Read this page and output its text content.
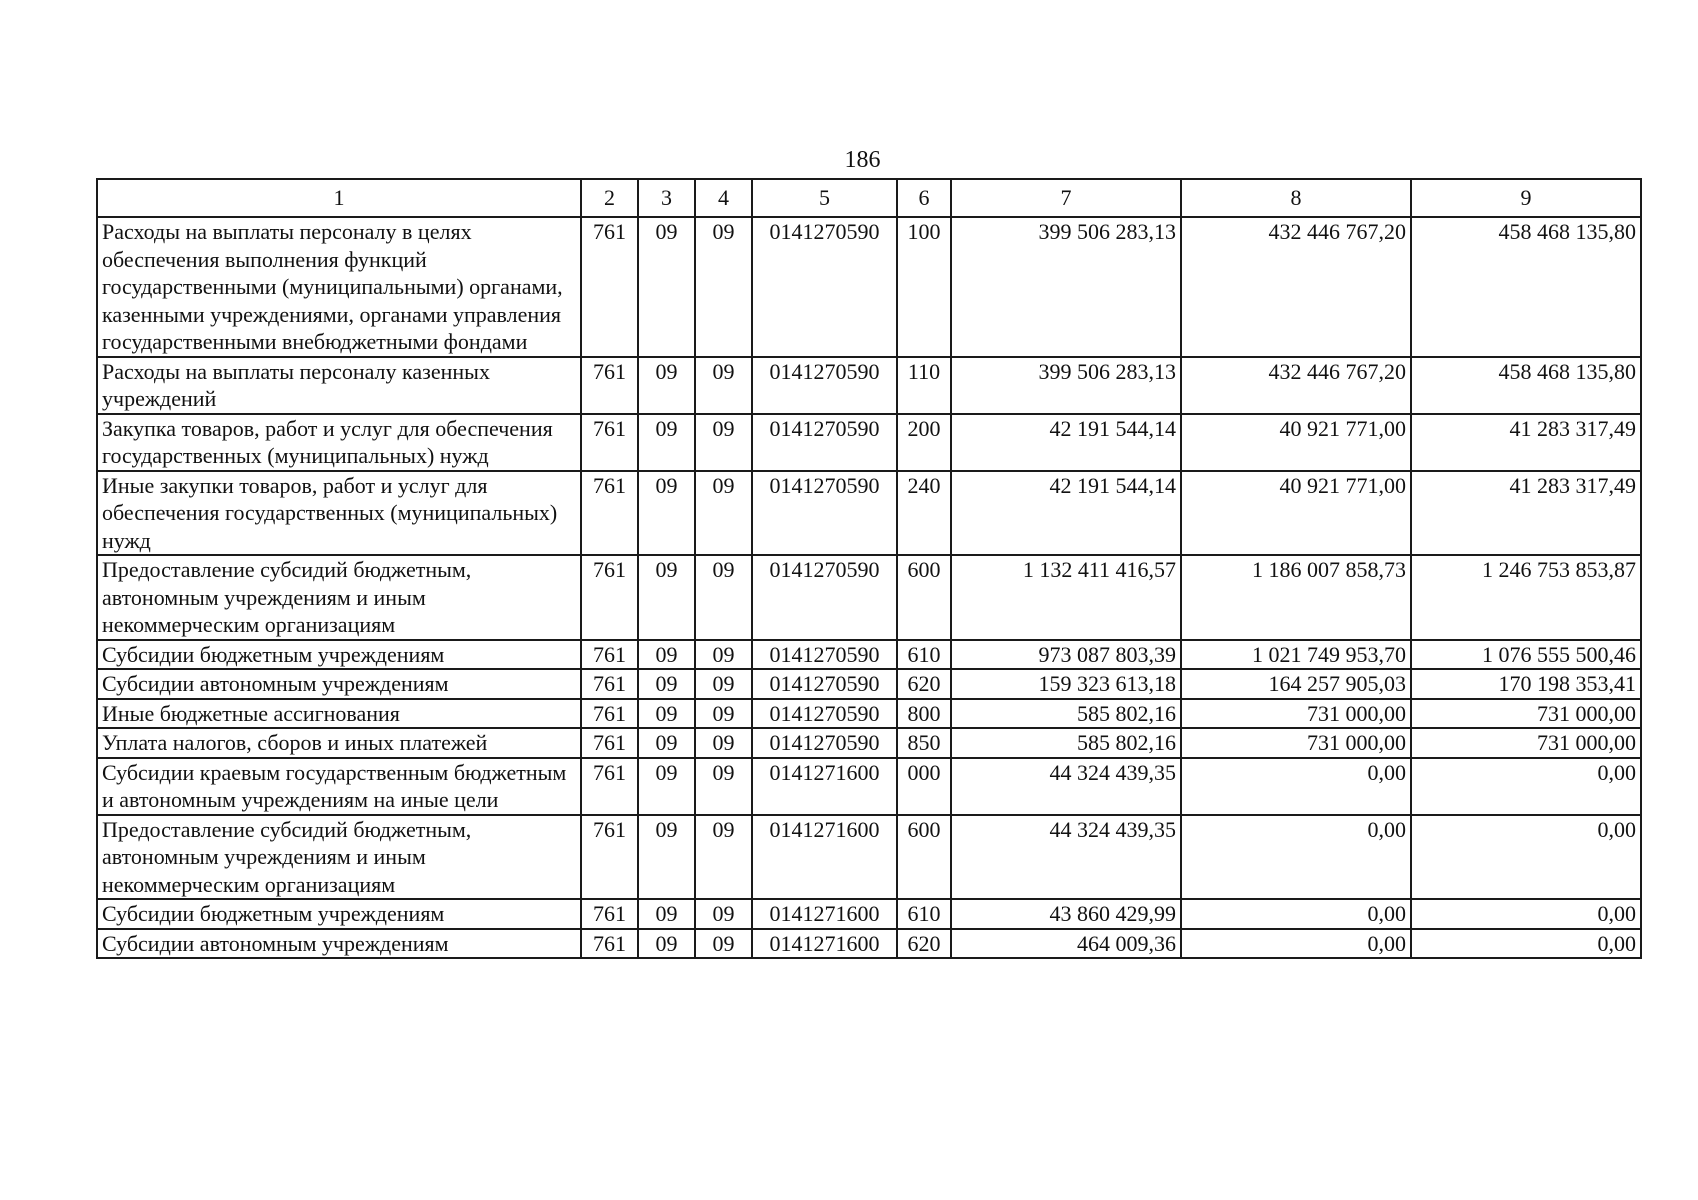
186
1	2	3	4	5	6	7	8	9
Расходы на выплаты персоналу в целях обеспечения выполнения функций государственными (муниципальными) органами, казенными учреждениями, органами управления государственными внебюджетными фондами	761	09	09	0141270590	100	399 506 283,13	432 446 767,20	458 468 135,80
Расходы на выплаты персоналу казенных учреждений	761	09	09	0141270590	110	399 506 283,13	432 446 767,20	458 468 135,80
Закупка товаров, работ и услуг для обеспечения государственных (муниципальных) нужд	761	09	09	0141270590	200	42 191 544,14	40 921 771,00	41 283 317,49
Иные закупки товаров, работ и услуг для обеспечения государственных (муниципальных) нужд	761	09	09	0141270590	240	42 191 544,14	40 921 771,00	41 283 317,49
Предоставление субсидий бюджетным, автономным учреждениям и иным некоммерческим организациям	761	09	09	0141270590	600	1 132 411 416,57	1 186 007 858,73	1 246 753 853,87
Субсидии бюджетным учреждениям	761	09	09	0141270590	610	973 087 803,39	1 021 749 953,70	1 076 555 500,46
Субсидии автономным учреждениям	761	09	09	0141270590	620	159 323 613,18	164 257 905,03	170 198 353,41
Иные бюджетные ассигнования	761	09	09	0141270590	800	585 802,16	731 000,00	731 000,00
Уплата налогов, сборов и иных платежей	761	09	09	0141270590	850	585 802,16	731 000,00	731 000,00
Субсидии краевым государственным бюджетным и автономным учреждениям на иные цели	761	09	09	0141271600	000	44 324 439,35	0,00	0,00
Предоставление субсидий бюджетным, автономным учреждениям и иным некоммерческим организациям	761	09	09	0141271600	600	44 324 439,35	0,00	0,00
Субсидии бюджетным учреждениям	761	09	09	0141271600	610	43 860 429,99	0,00	0,00
Субсидии автономным учреждениям	761	09	09	0141271600	620	464 009,36	0,00	0,00
